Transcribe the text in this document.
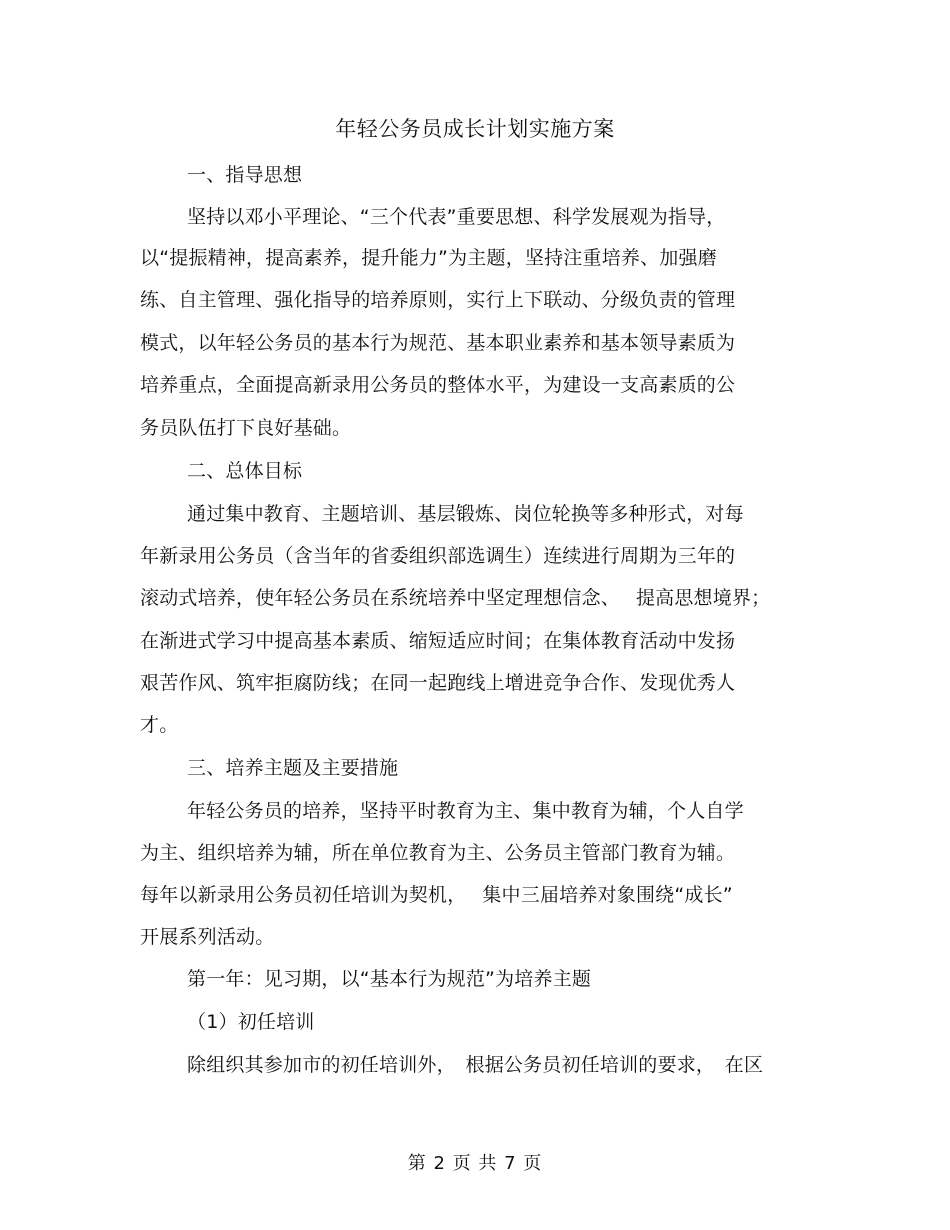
年轻公务员成长计划实施方案
一、指导思想
坚持以邓小平理论、“三个代表”重要思想、科学发展观为指导，
以“提振精神，提高素养，提升能力”为主题，坚持注重培养、加强磨
练、自主管理、强化指导的培养原则，实行上下联动、分级负责的管理
模式，以年轻公务员的基本行为规范、基本职业素养和基本领导素质为
培养重点，全面提高新录用公务员的整体水平，为建设一支高素质的公
务员队伍打下良好基础。
二、总体目标
通过集中教育、主题培训、基层锻炼、岗位轮换等多种形式，对每
年新录用公务员（含当年的省委组织部选调生）连续进行周期为三年的
滚动式培养，使年轻公务员在系统培养中坚定理想信念、　 提高思想境界；
在渐进式学习中提高基本素质、缩短适应时间；在集体教育活动中发扬
艰苦作风、筑牢拒腐防线；在同一起跑线上增进竞争合作、发现优秀人
才。
三、培养主题及主要措施
年轻公务员的培养，坚持平时教育为主、集中教育为辅，个人自学
为主、组织培养为辅，所在单位教育为主、公务员主管部门教育为辅。
每年以新录用公务员初任培训为契机，　 集中三届培养对象围绕“成长”
开展系列活动。
第一年：见习期，以“基本行为规范”为培养主题
（1）初任培训
除组织其参加市的初任培训外，　根据公务员初任培训的要求，　在区
第 2 页 共 7 页
